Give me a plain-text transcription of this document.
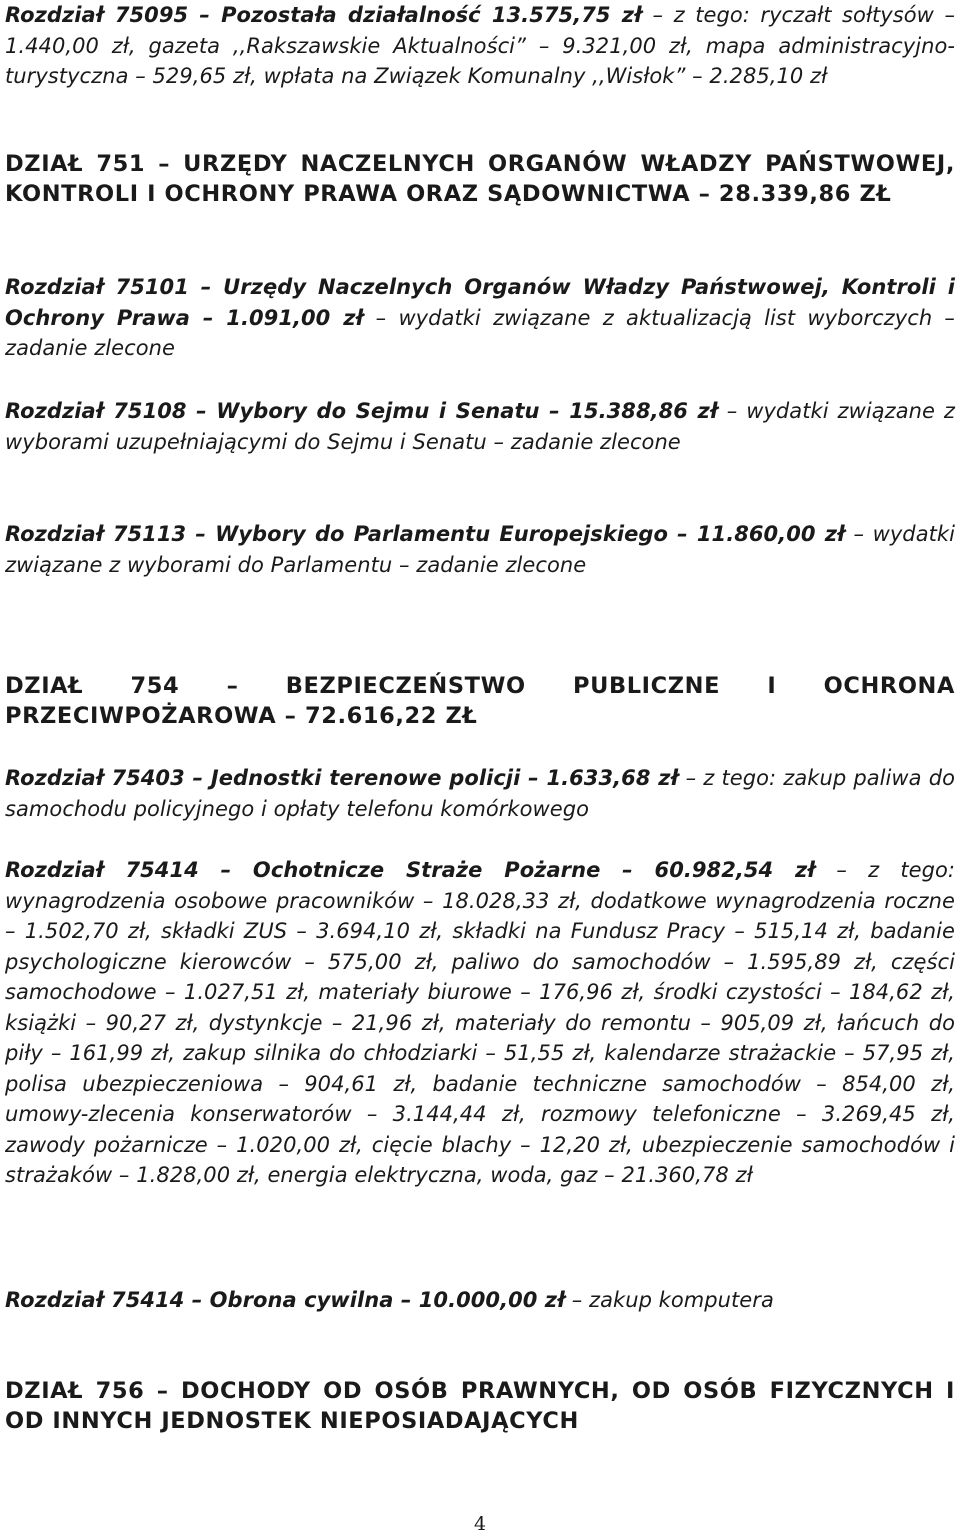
Rozdział 75095 – Pozostała działalność 13.575,75 zł – z tego: ryczałt sołtysów – 1.440,00 zł, gazeta ,,Rakszawskie Aktualności” – 9.321,00 zł, mapa administracyjno-turystyczna – 529,65 zł, wpłata na Związek Komunalny ,,Wisłok” – 2.285,10 zł

DZIAŁ 751 – URZĘDY NACZELNYCH ORGANÓW WŁADZY PAŃSTWOWEJ, KONTROLI I OCHRONY PRAWA ORAZ SĄDOWNICTWA – 28.339,86 ZŁ

Rozdział 75101 – Urzędy Naczelnych Organów Władzy Państwowej, Kontroli i Ochrony Prawa – 1.091,00 zł – wydatki związane z aktualizacją list wyborczych – zadanie zlecone

Rozdział 75108 – Wybory do Sejmu i Senatu – 15.388,86 zł – wydatki związane z wyborami uzupełniającymi do Sejmu i Senatu – zadanie zlecone

Rozdział 75113 – Wybory do Parlamentu Europejskiego – 11.860,00 zł – wydatki związane z wyborami do Parlamentu – zadanie zlecone

DZIAŁ 754 – BEZPIECZEŃSTWO PUBLICZNE I OCHRONA PRZECIWPOŻAROWA – 72.616,22 ZŁ

Rozdział 75403 – Jednostki terenowe policji – 1.633,68 zł – z tego: zakup paliwa do samochodu policyjnego i opłaty telefonu komórkowego

Rozdział 75414 – Ochotnicze Straże Pożarne – 60.982,54 zł – z tego: wynagrodzenia osobowe pracowników – 18.028,33 zł, dodatkowe wynagrodzenia roczne – 1.502,70 zł, składki ZUS – 3.694,10 zł, składki na Fundusz Pracy – 515,14 zł, badanie psychologiczne kierowców – 575,00 zł, paliwo do samochodów – 1.595,89 zł, części samochodowe – 1.027,51 zł, materiały biurowe – 176,96 zł, środki czystości – 184,62 zł, książki – 90,27 zł, dystynkcje – 21,96 zł, materiały do remontu – 905,09 zł, łańcuch do piły – 161,99 zł, zakup silnika do chłodziarki – 51,55 zł, kalendarze strażackie – 57,95 zł, polisa ubezpieczeniowa – 904,61 zł, badanie techniczne samochodów – 854,00 zł, umowy-zlecenia konserwatorów – 3.144,44 zł, rozmowy telefoniczne – 3.269,45 zł, zawody pożarnicze – 1.020,00 zł, cięcie blachy – 12,20 zł, ubezpieczenie samochodów i strażaków – 1.828,00 zł, energia elektryczna, woda, gaz – 21.360,78 zł

Rozdział 75414 – Obrona cywilna – 10.000,00 zł – zakup komputera

DZIAŁ 756 – DOCHODY OD OSÓB PRAWNYCH, OD OSÓB FIZYCZNYCH I OD INNYCH JEDNOSTEK NIEPOSIADAJĄCYCH

4
